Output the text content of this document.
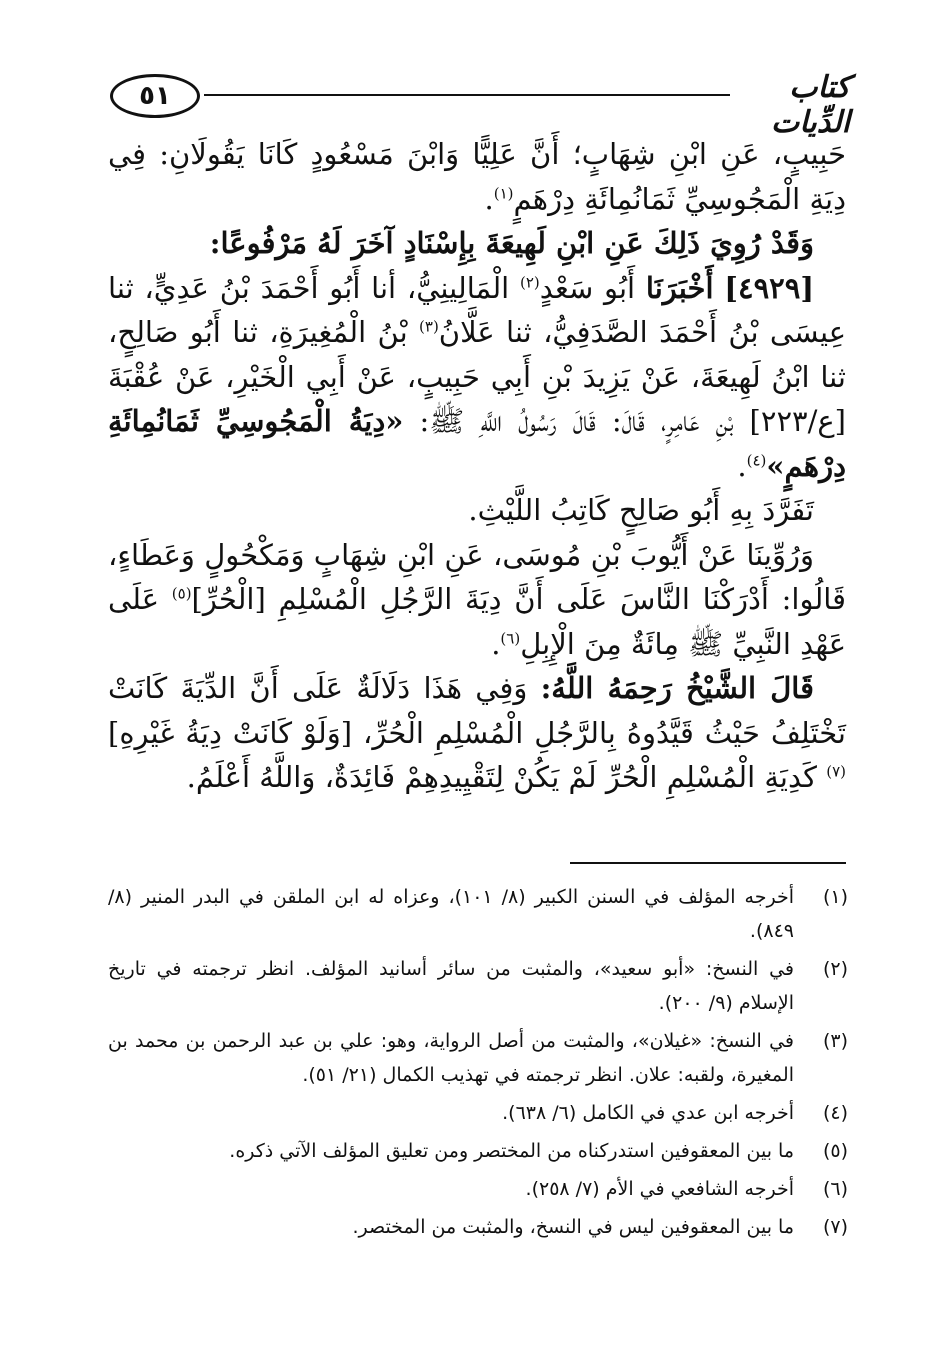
٥١	كتاب الدِّيات

حَبِيبٍ، عَنِ ابْنِ شِهَابٍ؛ أَنَّ عَلِيًّا وَابْنَ مَسْعُودٍ كَانَا يَقُولَانِ: فِي دِيَةِ الْمَجُوسِيِّ ثَمَانُمِائَةِ دِرْهَمٍ$^{(١)}$.

وَقَدْ رُوِيَ ذَلِكَ عَنِ ابْنِ لَهِيعَةَ بِإِسْنَادٍ آخَرَ لَهُ مَرْفُوعًا:

[٤٩٢٩] أَخْبَرَنَا أَبُو سَعْدٍ$^{(٢)}$ الْمَالِينِيُّ، أنا أَبُو أَحْمَدَ بْنُ عَدِيٍّ، ثنا عِيسَى بْنُ أَحْمَدَ الصَّدَفِيُّ، ثنا عَلَّانُ$^{(٣)}$ بْنُ الْمُغِيرَةِ، ثنا أَبُو صَالِحٍ، ثنا ابْنُ لَهِيعَةَ، عَنْ يَزِيدَ بْنِ أَبِي حَبِيبٍ، عَنْ أَبِي الْخَيْرِ، عَنْ عُقْبَةَ [ع/٢٢٣] بْنِ عَامِرٍ، قَالَ: قَالَ رَسُولُ اللَّهِ ﷺ: «دِيَةُ الْمَجُوسِيِّ ثَمَانُمِائَةِ دِرْهَمٍ»$^{(٤)}$.

تَفَرَّدَ بِهِ أَبُو صَالِحٍ كَاتِبُ اللَّيْثِ.

وَرُوِّينَا عَنْ أَيُّوبَ بْنِ مُوسَى، عَنِ ابْنِ شِهَابٍ وَمَكْحُولٍ وَعَطَاءٍ، قَالُوا: أَدْرَكْنَا النَّاسَ عَلَى أَنَّ دِيَةَ الرَّجُلِ الْمُسْلِمِ [الْحُرِّ]$^{(٥)}$ عَلَى عَهْدِ النَّبِيِّ ﷺ مِائَةٌ مِنَ الْإِبِلِ$^{(٦)}$.

قَالَ الشَّيْخُ رَحِمَهُ اللَّهُ: وَفِي هَذَا دَلَالَةٌ عَلَى أَنَّ الدِّيَةَ كَانَتْ تَخْتَلِفُ حَيْثُ قَيَّدُوهُ بِالرَّجُلِ الْمُسْلِمِ الْحُرِّ، [وَلَوْ كَانَتْ دِيَةُ غَيْرِهِ]$^{(٧)}$ كَدِيَةِ الْمُسْلِمِ الْحُرِّ لَمْ يَكُنْ لِتَقْيِيدِهِمْ فَائِدَةٌ، وَاللَّهُ أَعْلَمُ.

(١)
أخرجه المؤلف في السنن الكبير (٨/ ١٠١)، وعزاه له ابن الملقن في البدر المنير (٨/ ٨٤٩).
(٢)
في النسخ: «أبو سعيد»، والمثبت من سائر أسانيد المؤلف. انظر ترجمته في تاريخ الإسلام (٩/ ٢٠٠).
(٣)
في النسخ: «غيلان»، والمثبت من أصل الرواية، وهو: علي بن عبد الرحمن بن محمد بن المغيرة، ولقبه: علان. انظر ترجمته في تهذيب الكمال (٢١/ ٥١).
(٤)
أخرجه ابن عدي في الكامل (٦/ ٦٣٨).
(٥)
ما بين المعقوفين استدركناه من المختصر ومن تعليق المؤلف الآتي ذكره.
(٦)
أخرجه الشافعي في الأم (٧/ ٢٥٨).
(٧)
ما بين المعقوفين ليس في النسخ، والمثبت من المختصر.
